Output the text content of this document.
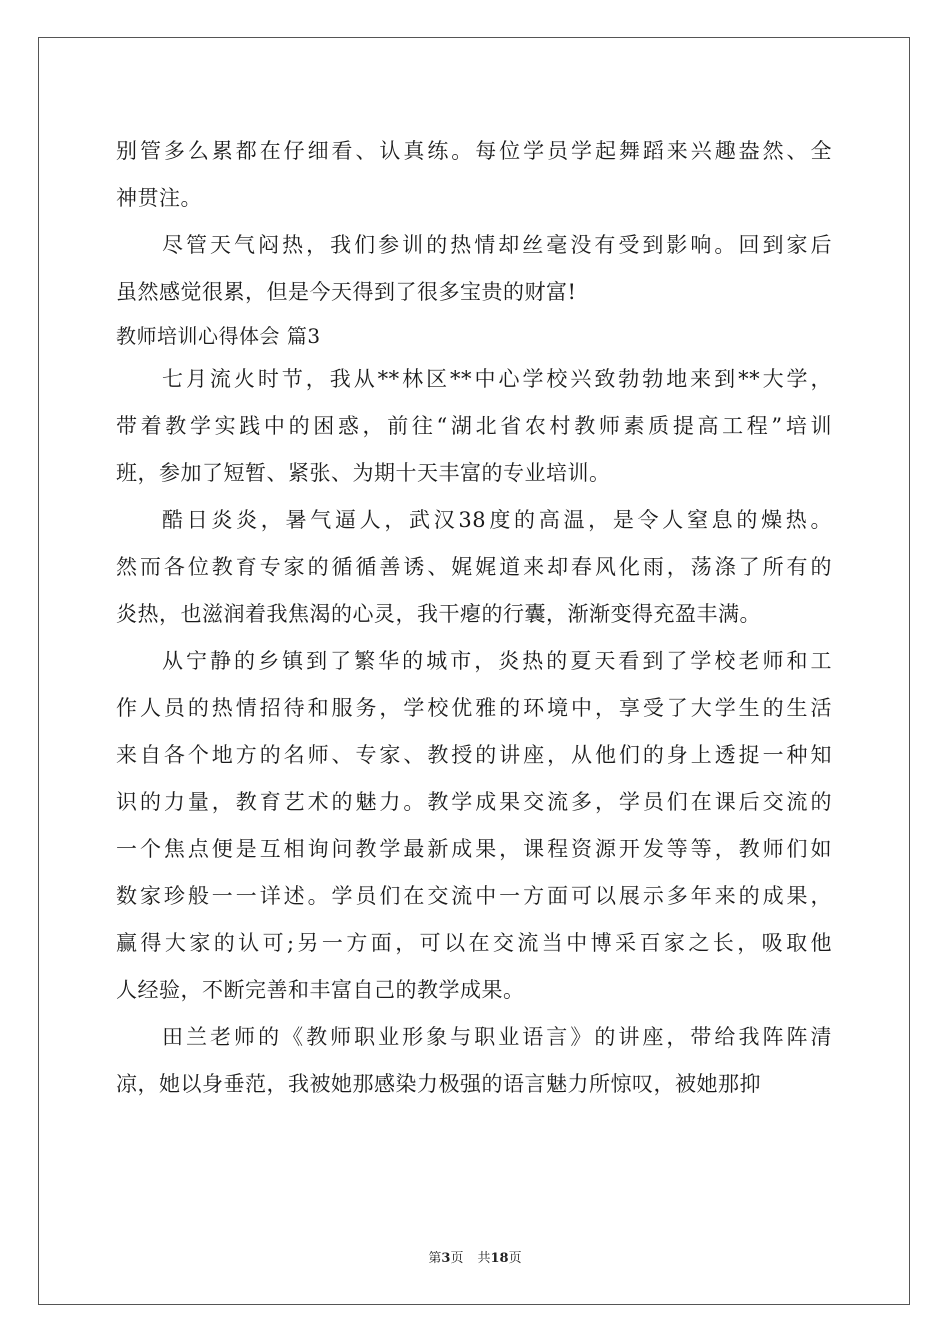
别管多么累都在仔细看、认真练。每位学员学起舞蹈来兴趣盎然、全
神贯注。
尽管天气闷热，我们参训的热情却丝毫没有受到影响。回到家后
虽然感觉很累，但是今天得到了很多宝贵的财富!
教师培训心得体会 篇3
七月流火时节，我从**林区**中心学校兴致勃勃地来到**大学，
带着教学实践中的困惑，前往“湖北省农村教师素质提高工程”培训
班，参加了短暂、紧张、为期十天丰富的专业培训。
酷日炎炎，暑气逼人，武汉38度的高温，是令人窒息的燥热。
然而各位教育专家的循循善诱、娓娓道来却春风化雨，荡涤了所有的
炎热，也滋润着我焦渴的心灵，我干瘪的行囊，渐渐变得充盈丰满。
从宁静的乡镇到了繁华的城市，炎热的夏天看到了学校老师和工
作人员的热情招待和服务，学校优雅的环境中，享受了大学生的生活
来自各个地方的名师、专家、教授的讲座，从他们的身上透捉一种知
识的力量，教育艺术的魅力。教学成果交流多，学员们在课后交流的
一个焦点便是互相询问教学最新成果，课程资源开发等等，教师们如
数家珍般一一详述。学员们在交流中一方面可以展示多年来的成果，
赢得大家的认可;另一方面，可以在交流当中博采百家之长，吸取他
人经验，不断完善和丰富自己的教学成果。
田兰老师的《教师职业形象与职业语言》的讲座，带给我阵阵清
凉，她以身垂范，我被她那感染力极强的语言魅力所惊叹，被她那抑
第3页 共18页
